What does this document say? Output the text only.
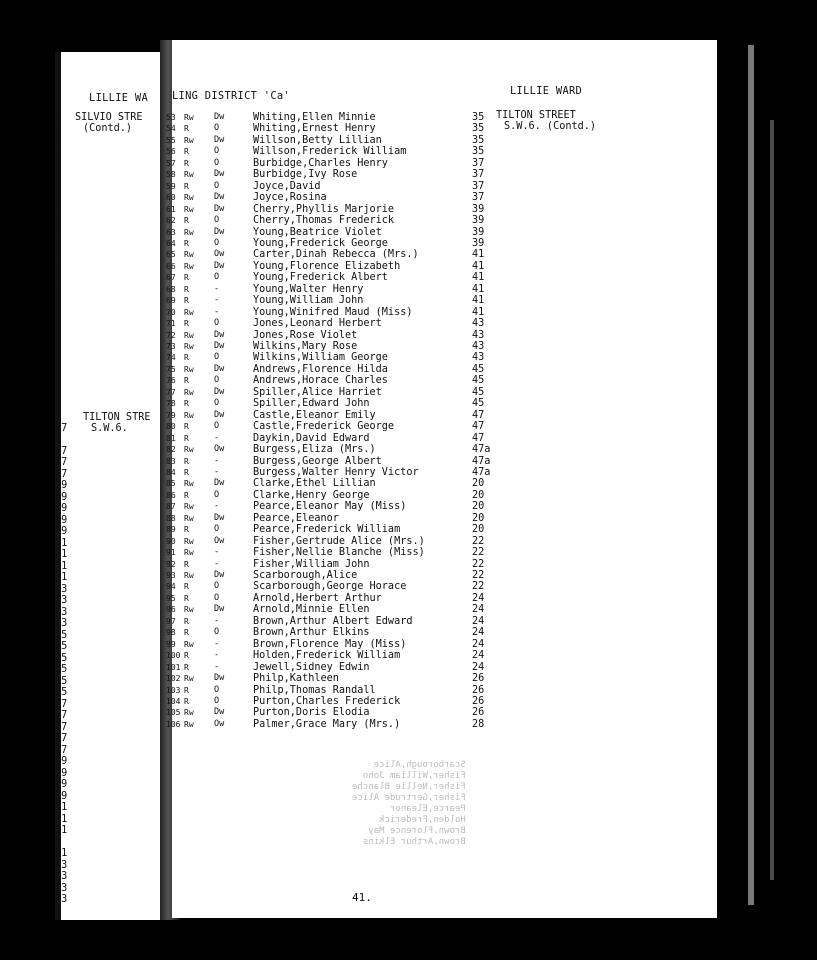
LILLIE WA
SILVIO STRE
(Contd.)
TILTON STRE
S.W.6.
2
2
2
2
2
2
4
4
4
4
4
4
4
4
4
4
4
6
6
6
6
6
6
6
8
8
8
17
17
17
17
19
19
19
19
19
21
21
21
21
23
23
23
23
25
25
25
25
25
25
27
27
27
27
27
29
29
29
29
31
31
31
31
33
33
33
33
LING DISTRICT 'Ca'	LILLIE WARD
TILTON STREET
S.W.6. (Contd.)
53	Rw Dw	Whiting,Ellen Minnie	35
54	R	O	Whiting,Ernest Henry	35
55	Rw Dw	Willson,Betty Lillian	35
56	R	O	Willson,Frederick William	35
57	R	O	Burbidge,Charles Henry	37
58	Rw Dw	Burbidge,Ivy Rose	37
59	R	O	Joyce,David	37
60	Rw Dw	Joyce,Rosina	37
61	Rw Dw	Cherry,Phyllis Marjorie	39
62	R	O	Cherry,Thomas Frederick	39
63	Rw Dw	Young,Beatrice Violet	39
64	R	O	Young,Frederick George	39
65	Rw Ow	Carter,Dinah Rebecca (Mrs.)	41
66	Rw Dw	Young,Florence Elizabeth	41
67	R	O	Young,Frederick Albert	41
68	R	-	Young,Walter Henry	41
69	R	-	Young,William John	41
70	Rw -	Young,Winifred Maud (Miss)	41
71	R	O	Jones,Leonard Herbert	43
72	Rw Dw	Jones,Rose Violet	43
73	Rw Dw	Wilkins,Mary Rose	43
74	R	O	Wilkins,William George	43
75	Rw Dw	Andrews,Florence Hilda	45
76	R	O	Andrews,Horace Charles	45
77	Rw Dw	Spiller,Alice Harriet	45
78	R	O	Spiller,Edward John	45
79	Rw Dw	Castle,Eleanor Emily	47
80	R	O	Castle,Frederick George	47
81	R	-	Daykin,David Edward	47
82	Rw Ow	Burgess,Eliza (Mrs.)	47a
83	R	-	Burgess,George Albert	47a
84	R	-	Burgess,Walter Henry Victor	47a
85	Rw Dw	Clarke,Ethel Lillian	20
86	R	O	Clarke,Henry George	20
87	Rw -	Pearce,Eleanor May (Miss)	20
88	Rw Dw	Pearce,Eleanor	20
89	R	O	Pearce,Frederick William	20
90	Rw Ow	Fisher,Gertrude Alice (Mrs.)	22
91	Rw -	Fisher,Nellie Blanche (Miss)	22
92	R	-	Fisher,William John	22
93	Rw Dw	Scarborough,Alice	22
94	R	O	Scarborough,George Horace	22
95	R	O	Arnold,Herbert Arthur	24
96	Rw Dw	Arnold,Minnie Ellen	24
97	R	-	Brown,Arthur Albert Edward	24
98	R	O	Brown,Arthur Elkins	24
99	Rw -	Brown,Florence May (Miss)	24
100 R	-	Holden,Frederick William	24
101 R	-	Jewell,Sidney Edwin	24
102 Rw Dw	Philp,Kathleen	26
103 R	O	Philp,Thomas Randall	26
104 R	O	Purton,Charles Frederick	26
105 Rw Dw	Purton,Doris Elodia	26
106 Rw Ow	Palmer,Grace Mary (Mrs.)	28
Scarborough,Alice
Fisher,William John
Fisher,Nellie Blanche
Fisher,Gertrude Alice
Pearce,Eleanor
Holden,Frederick
Brown,Florence May
Brown,Arthur Elkins
41.
